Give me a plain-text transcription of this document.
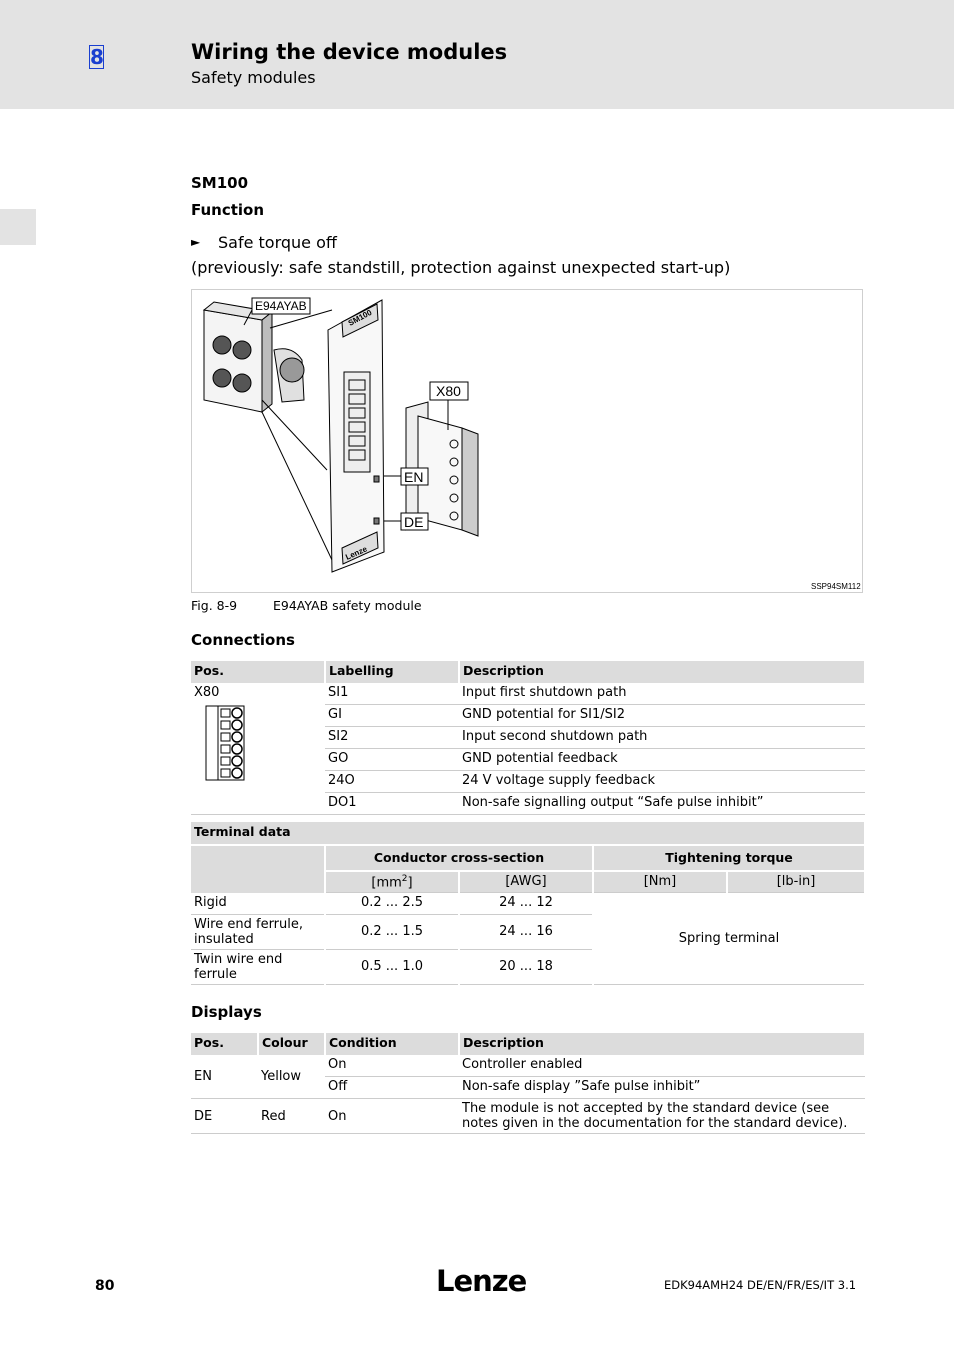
8	Wiring the device modules
Safety modules
SM100
Function
► Safe torque off
(previously: safe standstill, protection against unexpected start-up)
E94AYAB
X80
EN
DE
SM100
Lenze
SSP94SM112
Fig. 8-9	E94AYAB safety module
Connections
Pos.	Labelling	Description

X80	SI1	Input first shutdown path
	GI	GND potential for SI1/SI2
	SI2	Input second shutdown path
	GO	GND potential feedback
	24O	24 V voltage supply feedback
	DO1	Non-safe signalling output “Safe pulse inhibit”
Terminal data				
	Conductor cross-section		Tightening torque	
	$[mm^2]$	[AWG]	[Nm]	[lb-in]
Rigid	0.2 ... 2.5	24 ... 12	Spring terminal	
Wire end ferrule, insulated	0.2 ... 1.5	24 ... 16		
Twin wire end ferrule	0.5 ... 1.0	20 ... 18		
Displays
Pos.	Colour	Condition	Description
EN	Yellow	On	Controller enabled
		Off	Non-safe display ”Safe pulse inhibit”
DE	Red	On	The module is not accepted by the standard device (see notes given in the documentation for the standard device).
80	Lenze	EDK94AMH24 DE/EN/FR/ES/IT 3.1
